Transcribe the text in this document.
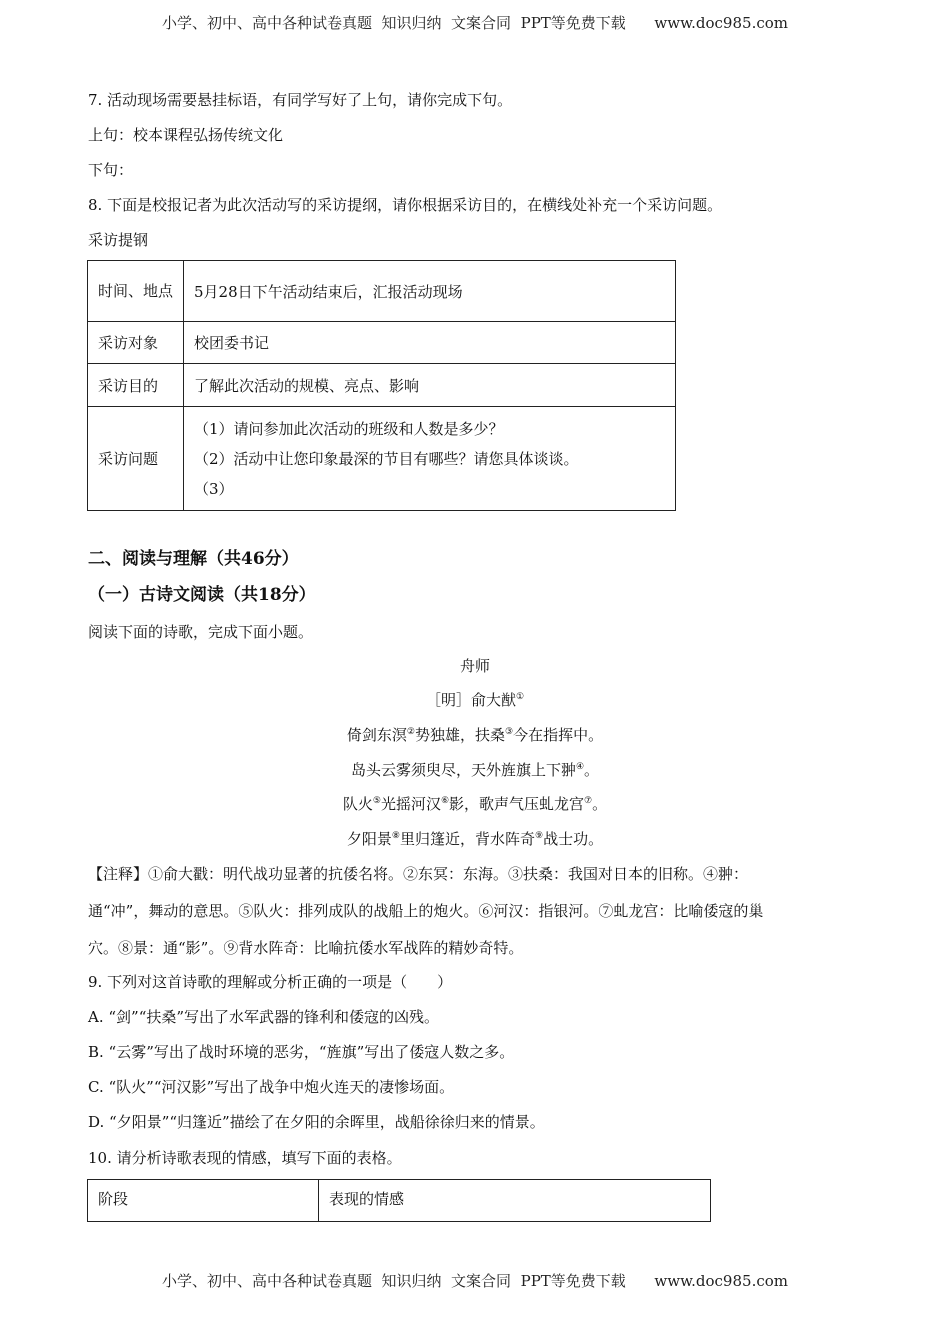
小学、初中、高中各种试卷真题  知识归纳  文案合同  PPT等免费下载      www.doc985.com
7. 活动现场需要悬挂标语，有同学写好了上句，请你完成下句。
上句：校本课程弘扬传统文化
下句：
8. 下面是校报记者为此次活动写的采访提纲，请你根据采访目的，在横线处补充一个采访问题。
采访提钢
时间、地点	5月28日下午活动结束后，汇报活动现场
采访对象	校团委书记
采访目的	了解此次活动的规模、亮点、影响
采访问题	（1）请问参加此次活动的班级和人数是多少？
（2）活动中让您印象最深的节目有哪些？请您具体谈谈。
（3）
二、阅读与理解（共46分）
（一）古诗文阅读（共18分）
阅读下面的诗歌，完成下面小题。
舟师
［明］俞大猷①
倚剑东溟②势独雄，扶桑③今在指挥中。
岛头云雾须臾尽，天外旌旗上下翀④。
队火⑤光摇河汉⑥影，歌声气压虬龙宫⑦。
夕阳景⑧里归篷近，背水阵奇⑨战士功。
【注释】①俞大戳：明代战功显著的抗倭名将。②东冥：东海。③扶桑：我国对日本的旧称。④翀：
通“冲”，舞动的意思。⑤队火：排列成队的战船上的炮火。⑥河汉：指银河。⑦虬龙宫：比喻倭寇的巢
穴。⑧景：通“影”。⑨背水阵奇：比喻抗倭水军战阵的精妙奇特。
9. 下列对这首诗歌的理解或分析正确的一项是（　　）
A. “剑”“扶桑”写出了水军武器的锋利和倭寇的凶残。
B. “云雾”写出了战时环境的恶劣，“旌旗”写出了倭寇人数之多。
C. “队火”“河汉影”写出了战争中炮火连天的凄惨场面。
D. “夕阳景”“归篷近”描绘了在夕阳的余晖里，战船徐徐归来的情景。
10. 请分析诗歌表现的情感，填写下面的表格。
阶段	表现的情感
小学、初中、高中各种试卷真题  知识归纳  文案合同  PPT等免费下载      www.doc985.com
